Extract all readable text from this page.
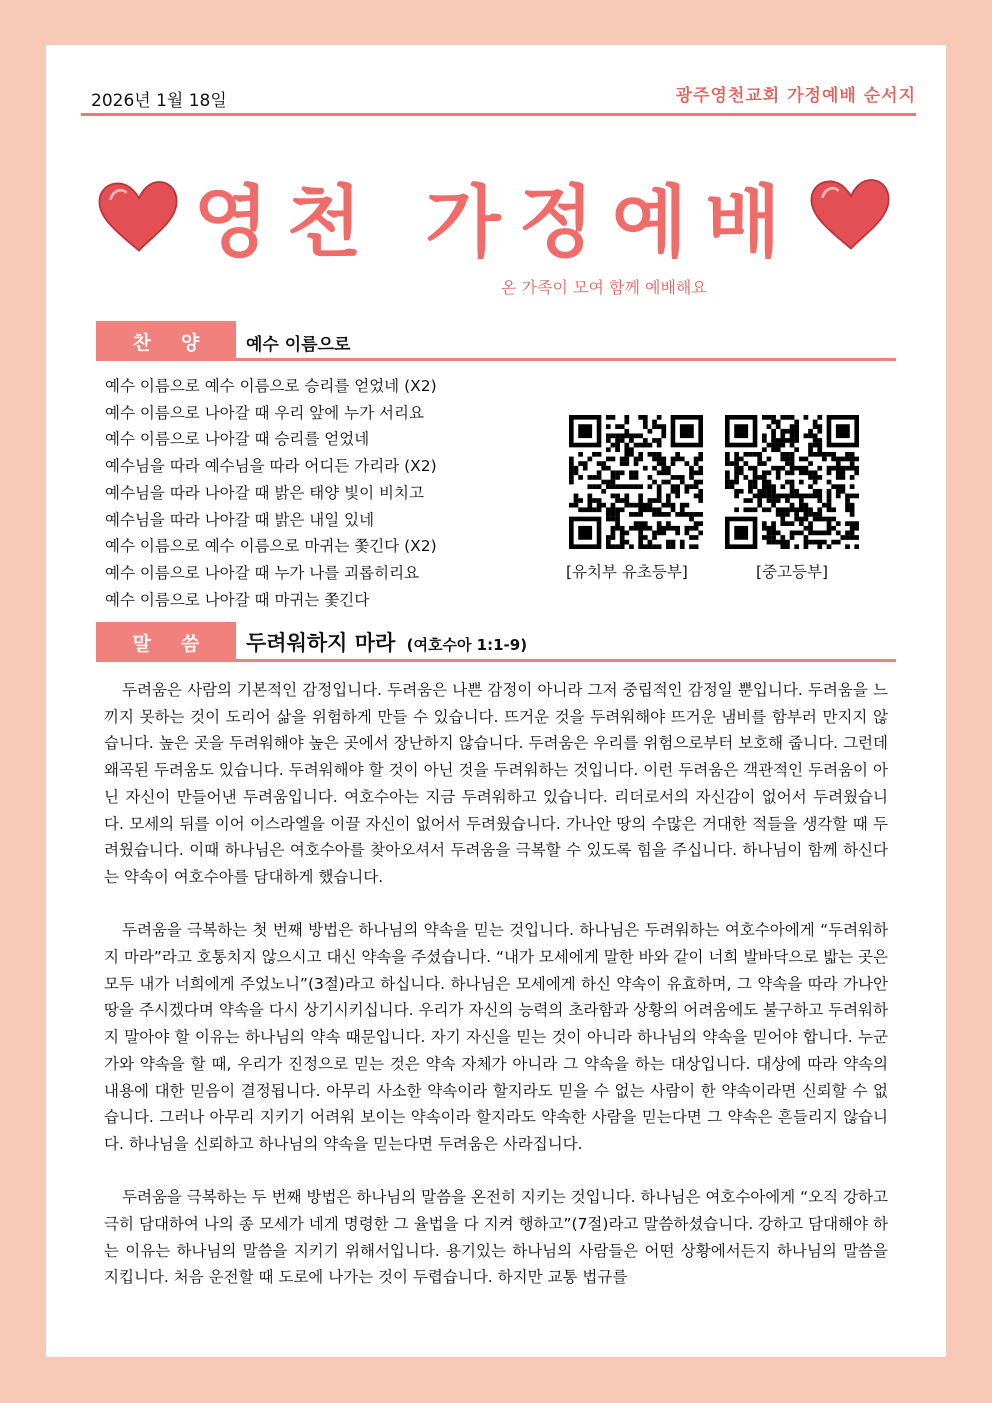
2026년 1월 18일	광주영천교회 가정예배 순서지
영천 가정예배
온 가족이 모여 함께 예배해요
찬양 예수 이름으로
예수 이름으로 예수 이름으로 승리를 얻었네 (X2)
예수 이름으로 나아갈 때 우리 앞에 누가 서리요
예수 이름으로 나아갈 때 승리를 얻었네
예수님을 따라 예수님을 따라 어디든 가리라 (X2)
예수님을 따라 나아갈 때 밝은 태양 빛이 비치고
예수님을 따라 나아갈 때 밝은 내일 있네
예수 이름으로 예수 이름으로 마귀는 쫓긴다 (X2)
예수 이름으로 나아갈 때 누가 나를 괴롭히리요
예수 이름으로 나아갈 때 마귀는 쫓긴다
[유치부 유초등부]	[중고등부]
말씀 두려워하지 마라 (여호수아 1:1-9)

두려움은 사람의 기본적인 감정입니다. 두려움은 나쁜 감정이 아니라 그저 중립적인 감정일 뿐입니다. 두려움을 느끼지 못하는 것이 도리어 삶을 위험하게 만들 수 있습니다. 뜨거운 것을 두려워해야 뜨거운 냄비를 함부러 만지지 않습니다. 높은 곳을 두려워해야 높은 곳에서 장난하지 않습니다. 두려움은 우리를 위험으로부터 보호해 줍니다. 그런데 왜곡된 두려움도 있습니다. 두려워해야 할 것이 아닌 것을 두려워하는 것입니다. 이런 두려움은 객관적인 두려움이 아닌 자신이 만들어낸 두려움입니다. 여호수아는 지금 두려워하고 있습니다. 리더로서의 자신감이 없어서 두려웠습니다. 모세의 뒤를 이어 이스라엘을 이끌 자신이 없어서 두려웠습니다. 가나안 땅의 수많은 거대한 적들을 생각할 때 두려웠습니다. 이때 하나님은 여호수아를 찾아오셔서 두려움을 극복할 수 있도록 힘을 주십니다. 하나님이 함께 하신다는 약속이 여호수아를 담대하게 했습니다.

두려움을 극복하는 첫 번째 방법은 하나님의 약속을 믿는 것입니다. 하나님은 두려워하는 여호수아에게 “두려워하지 마라”라고 호통치지 않으시고 대신 약속을 주셨습니다. “내가 모세에게 말한 바와 같이 너희 발바닥으로 밟는 곳은 모두 내가 너희에게 주었노니”(3절)라고 하십니다. 하나님은 모세에게 하신 약속이 유효하며, 그 약속을 따라 가나안 땅을 주시겠다며 약속을 다시 상기시키십니다. 우리가 자신의 능력의 초라함과 상황의 어려움에도 불구하고 두려워하지 말아야 할 이유는 하나님의 약속 때문입니다. 자기 자신을 믿는 것이 아니라 하나님의 약속을 믿어야 합니다. 누군가와 약속을 할 때, 우리가 진정으로 믿는 것은 약속 자체가 아니라 그 약속을 하는 대상입니다. 대상에 따라 약속의 내용에 대한 믿음이 결정됩니다. 아무리 사소한 약속이라 할지라도 믿을 수 없는 사람이 한 약속이라면 신뢰할 수 없습니다. 그러나 아무리 지키기 어려워 보이는 약속이라 할지라도 약속한 사람을 믿는다면 그 약속은 흔들리지 않습니다. 하나님을 신뢰하고 하나님의 약속을 믿는다면 두려움은 사라집니다.

두려움을 극복하는 두 번째 방법은 하나님의 말씀을 온전히 지키는 것입니다. 하나님은 여호수아에게 “오직 강하고 극히 담대하여 나의 종 모세가 네게 명령한 그 율법을 다 지켜 행하고”(7절)라고 말씀하셨습니다. 강하고 담대해야 하는 이유는 하나님의 말씀을 지키기 위해서입니다. 용기있는 하나님의 사람들은 어떤 상황에서든지 하나님의 말씀을 지킵니다. 처음 운전할 때 도로에 나가는 것이 두렵습니다. 하지만 교통 법규를
